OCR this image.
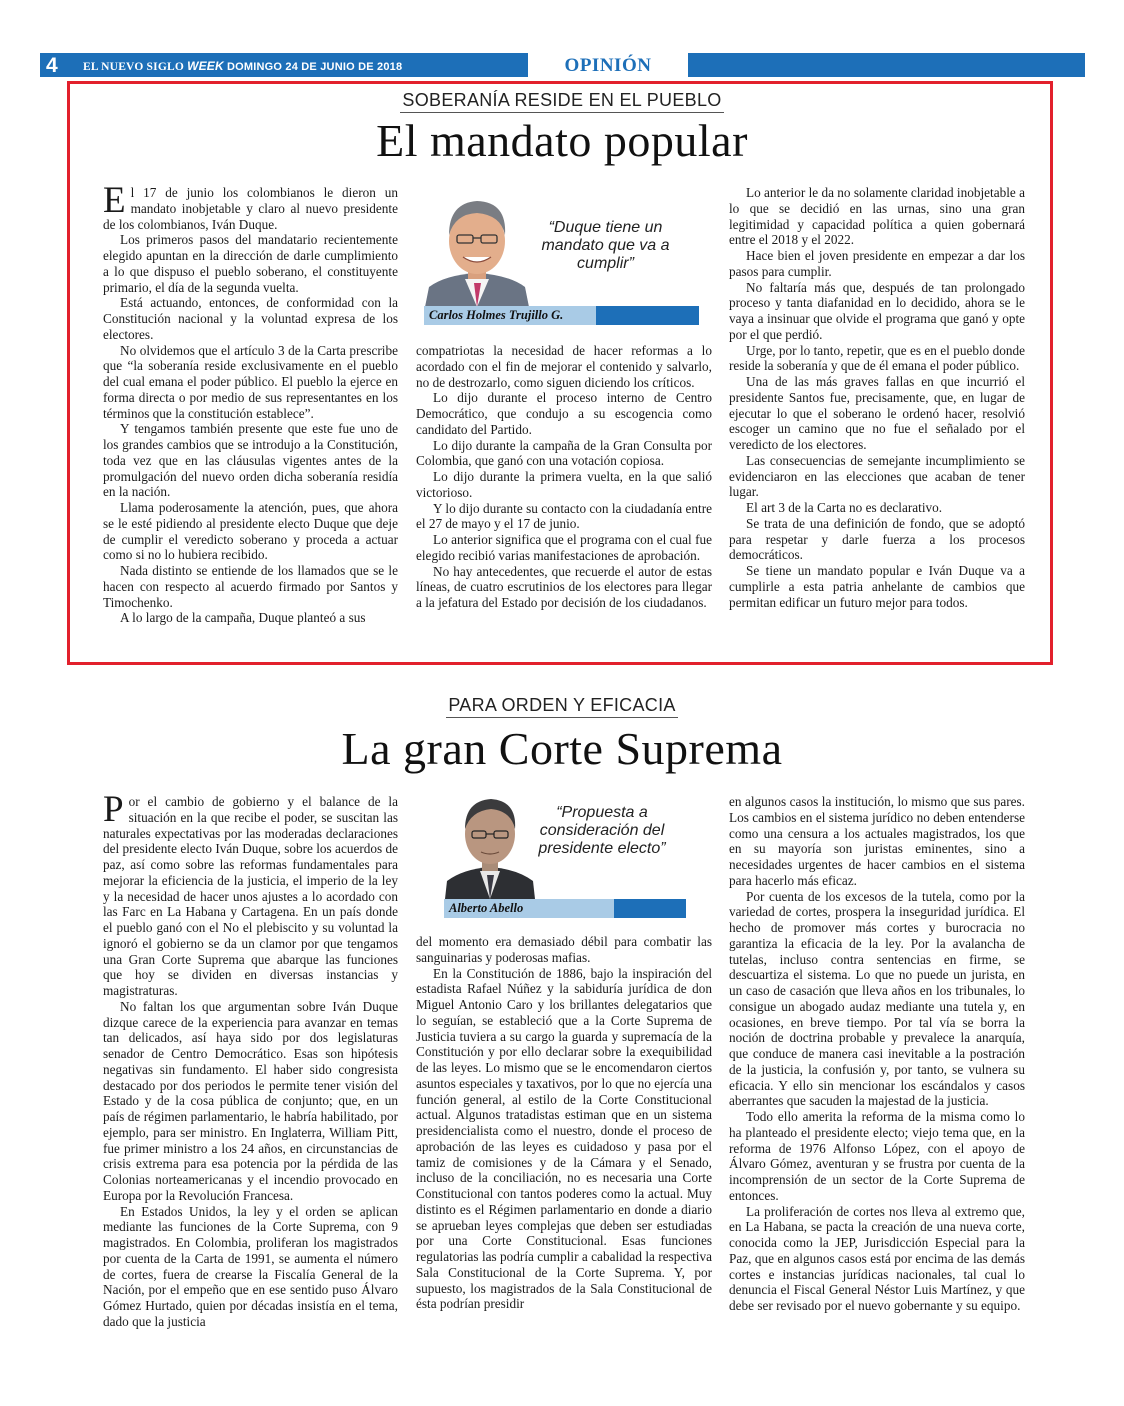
4 EL NUEVO SIGLO WEEK DOMINGO 24 DE JUNIO DE 2018	OPINIÓN
SOBERANÍA RESIDE EN EL PUEBLO
El mandato popular

El 17 de junio los colombianos le dieron un mandato inobjetable y claro al nuevo presidente de los colombianos, Iván Duque.

Los primeros pasos del mandatario recientemente elegido apuntan en la dirección de darle cumplimiento a lo que dispuso el pueblo soberano, el constituyente primario, el día de la segunda vuelta.

Está actuando, entonces, de conformidad con la Constitución nacional y la voluntad expresa de los electores.

No olvidemos que el artículo 3 de la Carta prescribe que “la soberanía reside exclusivamente en el pueblo del cual emana el poder público. El pueblo la ejerce en forma directa o por medio de sus representantes en los términos que la constitución establece”.

Y tengamos también presente que este fue uno de los grandes cambios que se introdujo a la Constitución, toda vez que en las cláusulas vigentes antes de la promulgación del nuevo orden dicha soberanía residía en la nación.

Llama poderosamente la atención, pues, que ahora se le esté pidiendo al presidente electo Duque que deje de cumplir el veredicto soberano y proceda a actuar como si no lo hubiera recibido.

Nada distinto se entiende de los llamados que se le hacen con respecto al acuerdo firmado por Santos y Timochenko.

A lo largo de la campaña, Duque planteó a sus

“Duque tiene un mandato que va a cumplir”
Carlos Holmes Trujillo G.

compatriotas la necesidad de hacer reformas a lo acordado con el fin de mejorar el contenido y salvarlo, no de destrozarlo, como siguen diciendo los críticos.

Lo dijo durante el proceso interno de Centro Democrático, que condujo a su escogencia como candidato del Partido.

Lo dijo durante la campaña de la Gran Consulta por Colombia, que ganó con una votación copiosa.

Lo dijo durante la primera vuelta, en la que salió victorioso.

Y lo dijo durante su contacto con la ciudadanía entre el 27 de mayo y el 17 de junio.

Lo anterior significa que el programa con el cual fue elegido recibió varias manifestaciones de aprobación.

No hay antecedentes, que recuerde el autor de estas líneas, de cuatro escrutinios de los electores para llegar a la jefatura del Estado por decisión de los ciudadanos.

Lo anterior le da no solamente claridad inobjetable a lo que se decidió en las urnas, sino una gran legitimidad y capacidad política a quien gobernará entre el 2018 y el 2022.

Hace bien el joven presidente en empezar a dar los pasos para cumplir.

No faltaría más que, después de tan prolongado proceso y tanta diafanidad en lo decidido, ahora se le vaya a insinuar que olvide el programa que ganó y opte por el que perdió.

Urge, por lo tanto, repetir, que es en el pueblo donde reside la soberanía y que de él emana el poder público.

Una de las más graves fallas en que incurrió el presidente Santos fue, precisamente, que, en lugar de ejecutar lo que el soberano le ordenó hacer, resolvió escoger un camino que no fue el señalado por el veredicto de los electores.

Las consecuencias de semejante incumplimiento se evidenciaron en las elecciones que acaban de tener lugar.

El art 3 de la Carta no es declarativo.

Se trata de una definición de fondo, que se adoptó para respetar y darle fuerza a los procesos democráticos.

Se tiene un mandato popular e Iván Duque va a cumplirle a esta patria anhelante de cambios que permitan edificar un futuro mejor para todos.

PARA ORDEN Y EFICACIA
La gran Corte Suprema

Por el cambio de gobierno y el balance de la situación en la que recibe el poder, se suscitan las naturales expectativas por las moderadas declaraciones del presidente electo Iván Duque, sobre los acuerdos de paz, así como sobre las reformas fundamentales para mejorar la eficiencia de la justicia, el imperio de la ley y la necesidad de hacer unos ajustes a lo acordado con las Farc en La Habana y Cartagena. En un país donde el pueblo ganó con el No el plebiscito y su voluntad la ignoró el gobierno se da un clamor por que tengamos una Gran Corte Suprema que abarque las funciones que hoy se dividen en diversas instancias y magistraturas.

No faltan los que argumentan sobre Iván Duque dizque carece de la experiencia para avanzar en temas tan delicados, así haya sido por dos legislaturas senador de Centro Democrático. Esas son hipótesis negativas sin fundamento. El haber sido congresista destacado por dos periodos le permite tener visión del Estado y de la cosa pública de conjunto; que, en un país de régimen parlamentario, le habría habilitado, por ejemplo, para ser ministro. En Inglaterra, William Pitt, fue primer ministro a los 24 años, en circunstancias de crisis extrema para esa potencia por la pérdida de las Colonias norteamericanas y el incendio provocado en Europa por la Revolución Francesa.

En Estados Unidos, la ley y el orden se aplican mediante las funciones de la Corte Suprema, con 9 magistrados. En Colombia, proliferan los magistrados por cuenta de la Carta de 1991, se aumenta el número de cortes, fuera de crearse la Fiscalía General de la Nación, por el empeño que en ese sentido puso Álvaro Gómez Hurtado, quien por décadas insistía en el tema, dado que la justicia

“Propuesta a consideración del presidente electo”
Alberto Abello

del momento era demasiado débil para combatir las sanguinarias y poderosas mafias.

En la Constitución de 1886, bajo la inspiración del estadista Rafael Núñez y la sabiduría jurídica de don Miguel Antonio Caro y los brillantes delegatarios que lo seguían, se estableció que a la Corte Suprema de Justicia tuviera a su cargo la guarda y supremacía de la Constitución y por ello declarar sobre la exequibilidad de las leyes. Lo mismo que se le encomendaron ciertos asuntos especiales y taxativos, por lo que no ejercía una función general, al estilo de la Corte Constitucional actual. Algunos tratadistas estiman que en un sistema presidencialista como el nuestro, donde el proceso de aprobación de las leyes es cuidadoso y pasa por el tamiz de comisiones y de la Cámara y el Senado, incluso de la conciliación, no es necesaria una Corte Constitucional con tantos poderes como la actual. Muy distinto es el Régimen parlamentario en donde a diario se aprueban leyes complejas que deben ser estudiadas por una Corte Constitucional. Esas funciones regulatorias las podría cumplir a cabalidad la respectiva Sala Constitucional de la Corte Suprema. Y, por supuesto, los magistrados de la Sala Constitucional de ésta podrían presidir

en algunos casos la institución, lo mismo que sus pares. Los cambios en el sistema jurídico no deben entenderse como una censura a los actuales magistrados, los que en su mayoría son juristas eminentes, sino a necesidades urgentes de hacer cambios en el sistema para hacerlo más eficaz.

Por cuenta de los excesos de la tutela, como por la variedad de cortes, prospera la inseguridad jurídica. El hecho de promover más cortes y burocracia no garantiza la eficacia de la ley. Por la avalancha de tutelas, incluso contra sentencias en firme, se descuartiza el sistema. Lo que no puede un jurista, en un caso de casación que lleva años en los tribunales, lo consigue un abogado audaz mediante una tutela y, en ocasiones, en breve tiempo. Por tal vía se borra la noción de doctrina probable y prevalece la anarquía, que conduce de manera casi inevitable a la postración de la justicia, la confusión y, por tanto, se vulnera su eficacia. Y ello sin mencionar los escándalos y casos aberrantes que sacuden la majestad de la justicia.

Todo ello amerita la reforma de la misma como lo ha planteado el presidente electo; viejo tema que, en la reforma de 1976 Alfonso López, con el apoyo de Álvaro Gómez, aventuran y se frustra por cuenta de la incomprensión de un sector de la Corte Suprema de entonces.

La proliferación de cortes nos lleva al extremo que, en La Habana, se pacta la creación de una nueva corte, conocida como la JEP, Jurisdicción Especial para la Paz, que en algunos casos está por encima de las demás cortes e instancias jurídicas nacionales, tal cual lo denuncia el Fiscal General Néstor Luis Martínez, y que debe ser revisado por el nuevo gobernante y su equipo.
